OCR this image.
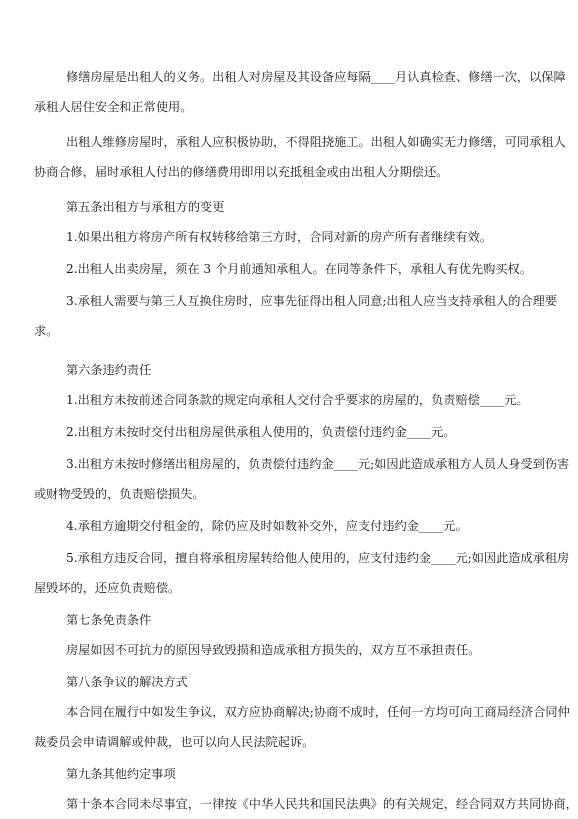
修缮房屋是出租人的义务。出租人对房屋及其设备应每隔____月认真检查、修缮一次，以保障
承租人居住安全和正常使用。

出租人维修房屋时，承租人应积极协助，不得阻挠施工。出租人如确实无力修缮，可同承租人
协商合修，届时承租人付出的修缮费用即用以充抵租金或由出租人分期偿还。

第五条出租方与承租方的变更

1.如果出租方将房产所有权转移给第三方时，合同对新的房产所有者继续有效。

2.出租人出卖房屋，须在 3 个月前通知承租人。在同等条件下，承租人有优先购买权。

3.承租人需要与第三人互换住房时，应事先征得出租人同意;出租人应当支持承租人的合理要
求。

第六条违约责任

1.出租方未按前述合同条款的规定向承租人交付合乎要求的房屋的，负责赔偿____元。

2.出租方未按时交付出租房屋供承租人使用的，负责偿付违约金____元。

3.出租方未按时修缮出租房屋的，负责偿付违约金____元;如因此造成承租方人员人身受到伤害
或财物受毁的，负责赔偿损失。

4.承租方逾期交付租金的，除仍应及时如数补交外，应支付违约金____元。

5.承租方违反合同，擅自将承租房屋转给他人使用的，应支付违约金____元;如因此造成承租房
屋毁坏的，还应负责赔偿。

第七条免责条件

房屋如因不可抗力的原因导致毁损和造成承租方损失的，双方互不承担责任。

第八条争议的解决方式

本合同在履行中如发生争议，双方应协商解决;协商不成时，任何一方均可向工商局经济合同仲
裁委员会申请调解或仲裁，也可以向人民法院起诉。

第九条其他约定事项

第十条本合同未尽事宜，一律按《中华人民共和国民法典》的有关规定，经合同双方共同协商，
